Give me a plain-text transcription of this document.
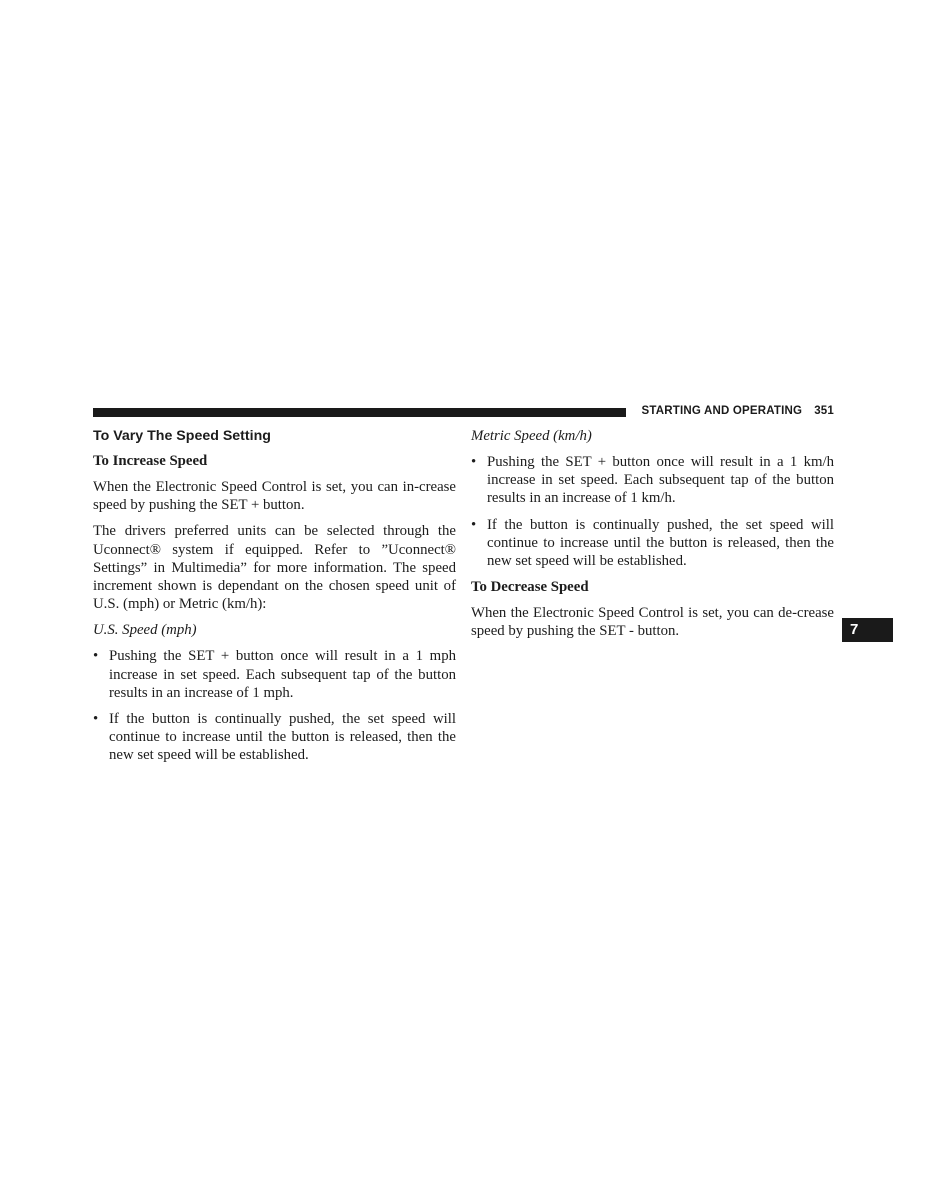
STARTING AND OPERATING 351
To Vary The Speed Setting
To Increase Speed

When the Electronic Speed Control is set, you can in-crease speed by pushing the SET + button.

The drivers preferred units can be selected through the Uconnect® system if equipped. Refer to ”Uconnect® Settings” in Multimedia” for more information. The speed increment shown is dependant on the chosen speed unit of U.S. (mph) or Metric (km/h):

U.S. Speed (mph)
• Pushing the SET + button once will result in a 1 mph increase in set speed. Each subsequent tap of the button results in an increase of 1 mph.
• If the button is continually pushed, the set speed will continue to increase until the button is released, then the new set speed will be established.
Metric Speed (km/h)
• Pushing the SET + button once will result in a 1 km/h increase in set speed. Each subsequent tap of the button results in an increase of 1 km/h.
• If the button is continually pushed, the set speed will continue to increase until the button is released, then the new set speed will be established.
To Decrease Speed

When the Electronic Speed Control is set, you can de-crease speed by pushing the SET - button.	7
